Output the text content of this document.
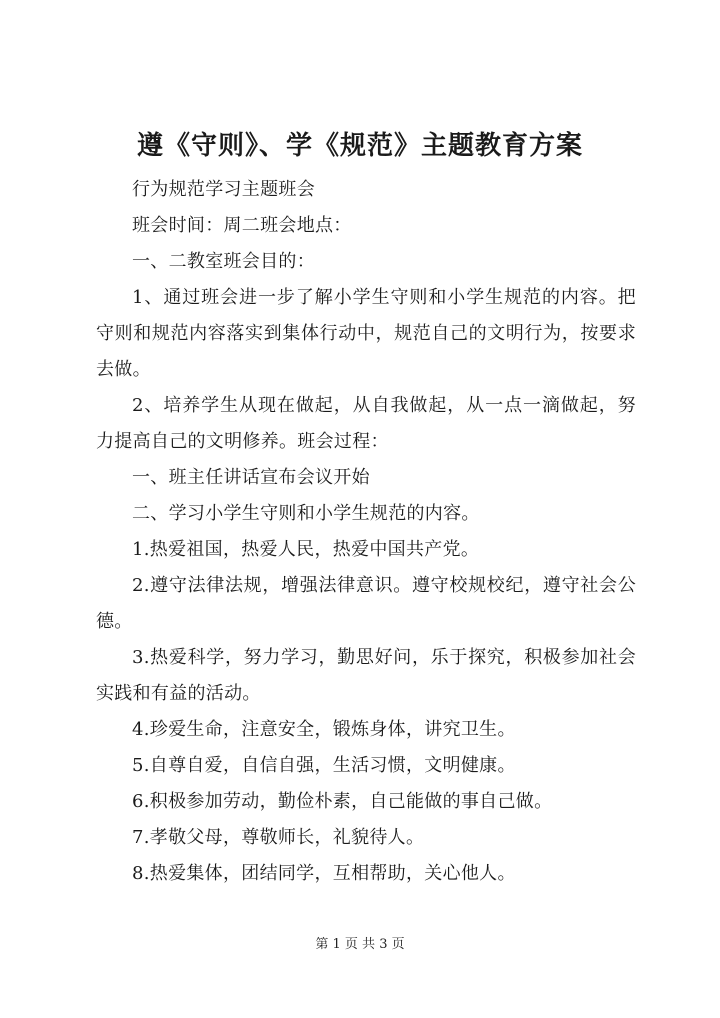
遵《守则》、学《规范》主题教育方案

行为规范学习主题班会

班会时间：周二班会地点：

一、二教室班会目的：

1、通过班会进一步了解小学生守则和小学生规范的内容。把守则和规范内容落实到集体行动中，规范自己的文明行为，按要求去做。

2、培养学生从现在做起，从自我做起，从一点一滴做起，努力提高自己的文明修养。班会过程：

一、班主任讲话宣布会议开始

二、学习小学生守则和小学生规范的内容。

1.热爱祖国，热爱人民，热爱中国共产党。

2.遵守法律法规，增强法律意识。遵守校规校纪，遵守社会公德。

3.热爱科学，努力学习，勤思好问，乐于探究，积极参加社会实践和有益的活动。

4.珍爱生命，注意安全，锻炼身体，讲究卫生。

5.自尊自爱，自信自强，生活习惯，文明健康。

6.积极参加劳动，勤俭朴素，自己能做的事自己做。

7.孝敬父母，尊敬师长，礼貌待人。

8.热爱集体，团结同学，互相帮助，关心他人。

第 1 页 共 3 页
